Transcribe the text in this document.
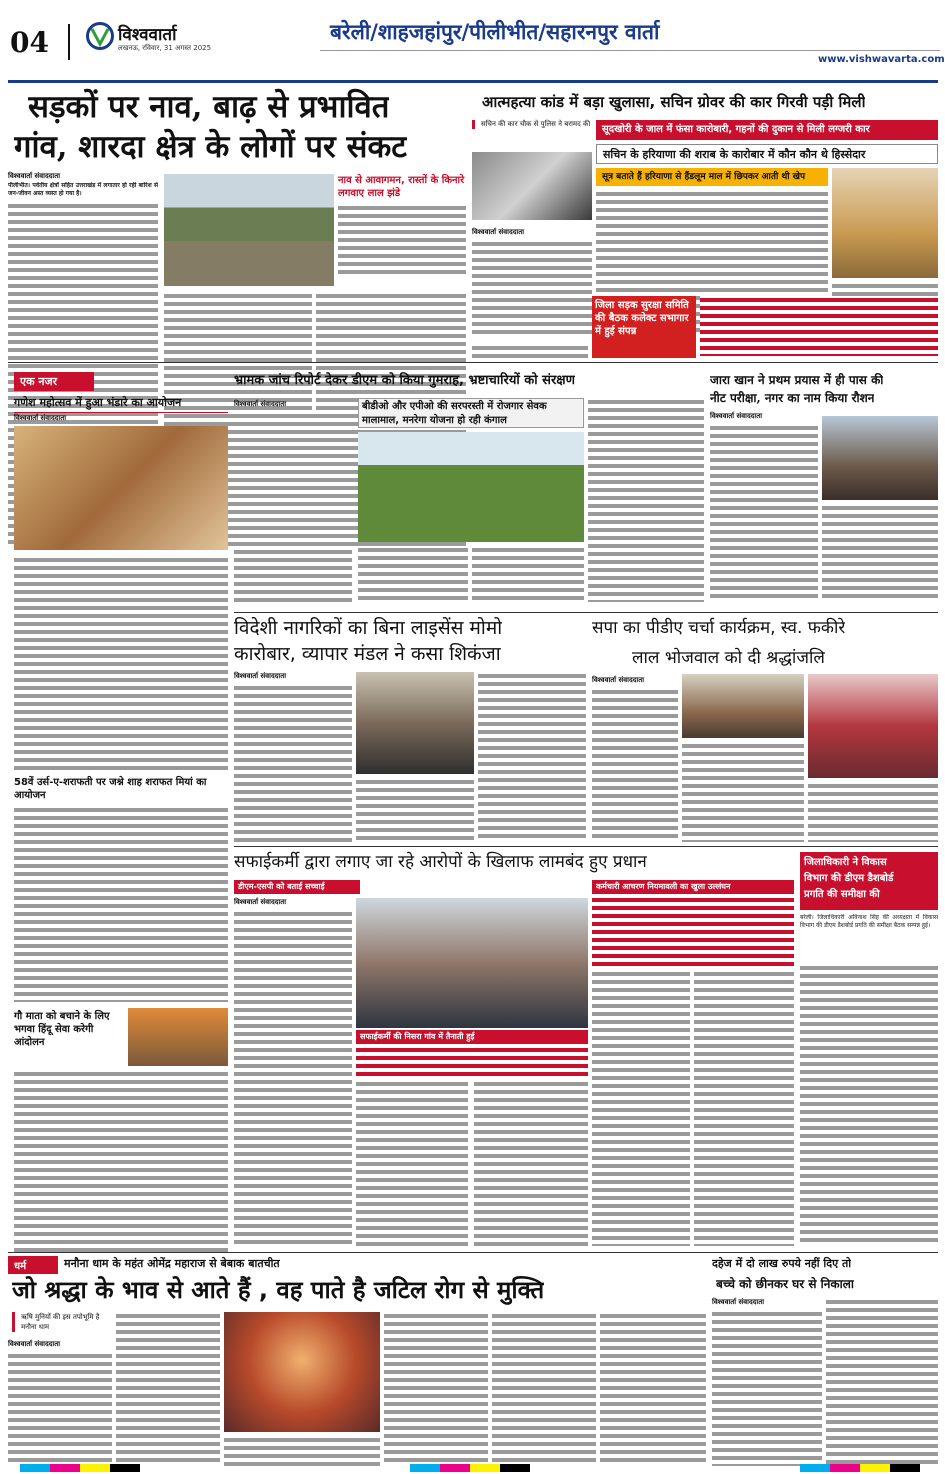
04	विश्ववार्ता
लखनऊ, रविवार, 31 अगस्त 2025
बरेली/शाहजहांपुर/पीलीभीत/सहारनपुर वार्ता
www.vishwavarta.com
सड़कों पर नाव, बाढ़ से प्रभावित
गांव, शारदा क्षेत्र के लोगों पर संकट
विश्ववार्ता संवाददाता
पीलीभीत। पर्वतीय क्षेत्रों सहित उत्तराखंड में लगातार हो रही बारिश से जन-जीवन अस्त व्यस्त हो गया है।
नाव से आवागमन, रास्तों के किनारे लगवाए लाल झंडे
आत्महत्या कांड में बड़ा खुलासा, सचिन ग्रोवर की कार गिरवी पड़ी मिली
सचिन की कार चौक से पुलिस ने बरामद की	सूदखोरी के जाल में फंसा कारोबारी, गहनों की दुकान से मिली लग्जरी कार
सचिन के हरियाणा की शराब के कारोबार में कौन कौन थे हिस्सेदार
सूत्र बताते हैं हरियाणा से हैंडलूम माल में छिपकर आती थी खेप
विश्ववार्ता संवाददाता
जिला सड़क सुरक्षा समिति की बैठक कलेक्ट सभागार में हुई संपन्न
एक नजर
गणेश महोत्सव में हुआ भंडारे का आयोजन
विश्ववार्ता संवाददाता
58वें उर्स-ए-शराफती पर जश्ने शाह शराफत मियां का आयोजन
गौ माता को बचाने के लिए भगवा हिंदू सेवा करेगी आंदोलन
भ्रामक जांच रिपोर्ट देकर डीएम को किया गुमराह, भ्रष्टाचारियों को संरक्षण
विश्ववार्ता संवाददाता	बीडीओ और एपीओ की सरपरस्ती में रोजगार सेवक मालामाल, मनरेगा योजना हो रही कंगाल
जारा खान ने प्रथम प्रयास में ही पास की
नीट परीक्षा, नगर का नाम किया रौशन
विश्ववार्ता संवाददाता
विदेशी नागरिकों का बिना लाइसेंस मोमो
कारोबार, व्यापार मंडल ने कसा शिकंजा
विश्ववार्ता संवाददाता
सपा का पीडीए चर्चा कार्यक्रम, स्व. फकीरे
लाल भोजवाल को दी श्रद्धांजलि
विश्ववार्ता संवाददाता
सफाईकर्मी द्वारा लगाए जा रहे आरोपों के खिलाफ लामबंद हुए प्रधान
डीएम-एसपी को बताई सच्चाई	कर्मचारी आचरण नियमावली का खुला उल्लंघन
विश्ववार्ता संवाददाता
सफाईकर्मी की निसरा गांव में तैनाती हुई
जिलाधिकारी ने विकास
विभाग की डीएम डैशबोर्ड
प्रगति की समीक्षा की
बरेली। जिलाधिकारी अविनाश सिंह की अध्यक्षता में विकास विभाग की डीएम डैशबोर्ड प्रगति की समीक्षा बैठक सम्पन्न हुई।
धर्म	मनौना धाम के महंत ओमेंद्र महाराज से बेबाक बातचीत
जो श्रद्धा के भाव से आते हैं , वह पाते है जटिल रोग से मुक्ति
ऋषि मुनियों की इस तपोभूमि है मनौना धाम
विश्ववार्ता संवाददाता
दहेज में दो लाख रुपये नहीं दिए तो
बच्चे को छीनकर घर से निकाला
विश्ववार्ता संवाददाता
